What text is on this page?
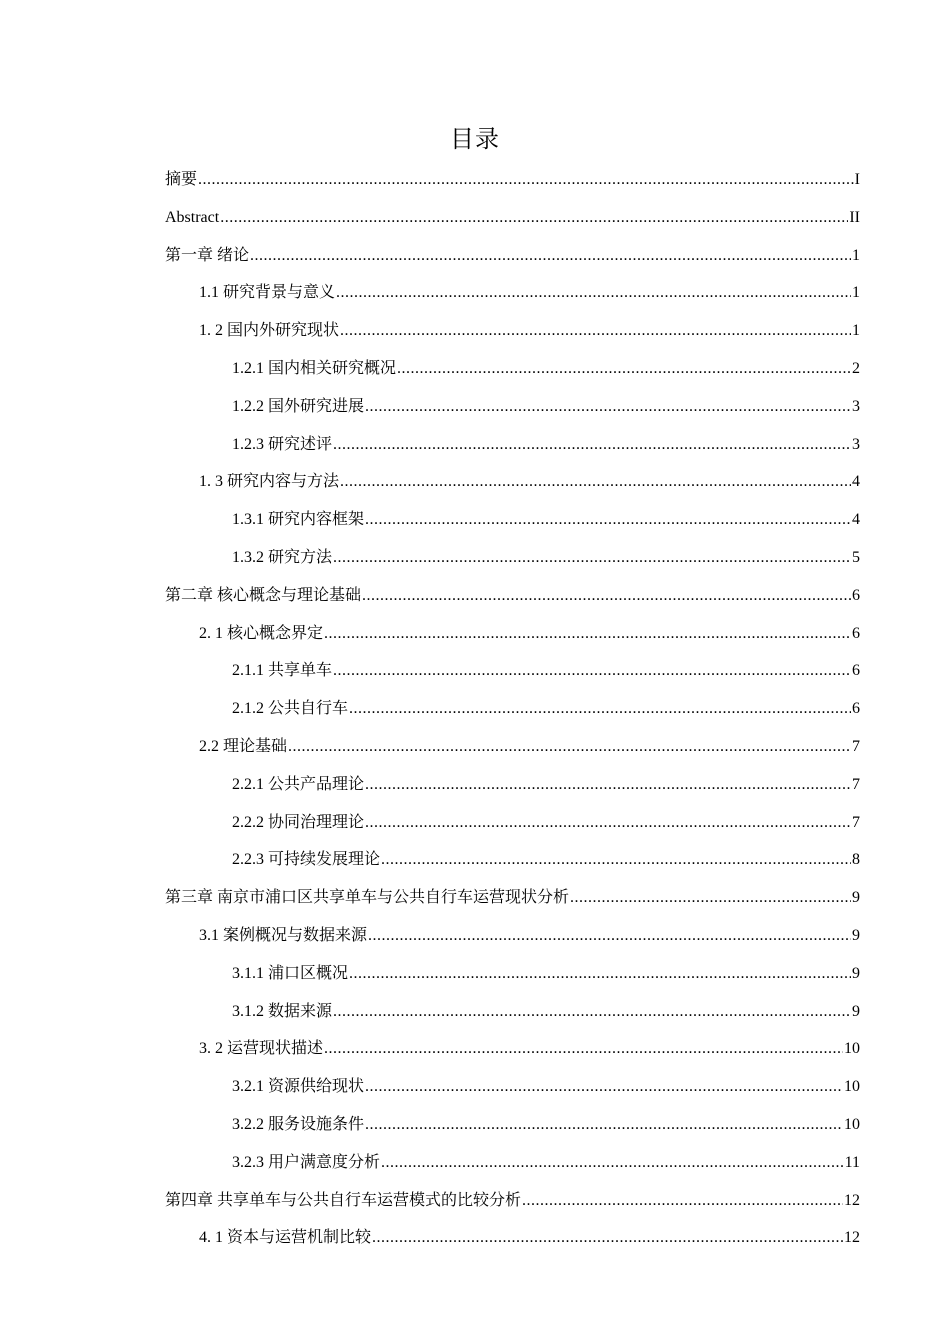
目录
摘要 .....	I
Abstract .....	II
第一章 绪论 .....	1
1.1 研究背景与意义 .....	1
1. 2 国内外研究现状 .....	1
1.2.1 国内相关研究概况 .....	2
1.2.2 国外研究进展 .....	3
1.2.3 研究述评 .....	3
1. 3 研究内容与方法 .....	4
1.3.1 研究内容框架 .....	4
1.3.2 研究方法 .....	5
第二章 核心概念与理论基础 .....	6
2. 1 核心概念界定 .....	6
2.1.1 共享单车 .....	6
2.1.2 公共自行车 .....	6
2.2 理论基础 .....	7
2.2.1 公共产品理论 .....	7
2.2.2 协同治理理论 .....	7
2.2.3 可持续发展理论 .....	8
第三章 南京市浦口区共享单车与公共自行车运营现状分析 .....	9
3.1 案例概况与数据来源 .....	9
3.1.1 浦口区概况 .....	9
3.1.2 数据来源 .....	9
3. 2 运营现状描述 .....	10
3.2.1 资源供给现状 .....	10
3.2.2 服务设施条件 .....	10
3.2.3 用户满意度分析 .....	11
第四章 共享单车与公共自行车运营模式的比较分析 .....	12
4. 1 资本与运营机制比较 .....	12
